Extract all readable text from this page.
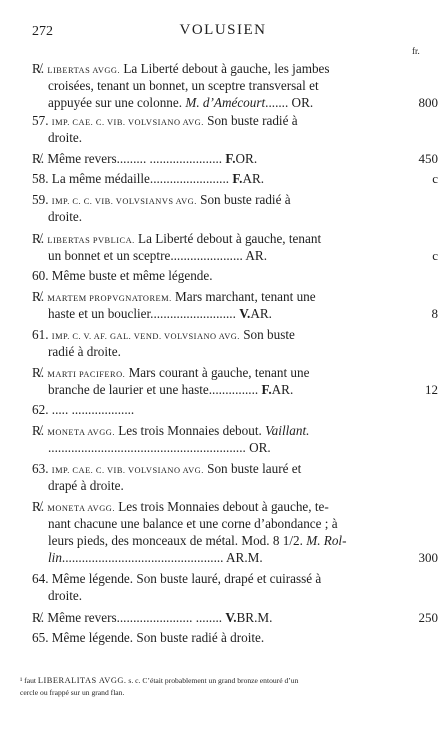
272	VOLUSIEN
fr.
R̸. LIBERTAS AVGG. La Liberté debout à gauche, les jambes
croisées, tenant un bonnet, un sceptre transversal et
appuyée sur une colonne. M. d’Amécourt....... OR.	800
57. IMP. CAE. C. VIB. VOLVSIANO AVG. Son buste radié à
droite.
R̸. Même revers......... ...................... F.OR.	450
58. La même médaille........................ F.AR.	c
59. IMP. C. C. VIB. VOLVSIANVS AVG. Son buste radié à
droite.
R̸. LIBERTAS PVBLICA. La Liberté debout à gauche, tenant
un bonnet et un sceptre...................... AR.	c
60. Même buste et même légende.
R̸. MARTEM PROPVGNATOREM. Mars marchant, tenant une
haste et un bouclier.......................... V.AR.	8
61. IMP. C. V. AF. GAL. VEND. VOLVSIANO AVG. Son buste
radié à droite.
R̸. MARTI PACIFERO. Mars courant à gauche, tenant une
branche de laurier et une haste............... F.AR.	12
62. ..... ...................
R̸. MONETA AVGG. Les trois Monnaies debout. Vaillant.
............................................................ OR.
63. IMP. CAE. C. VIB. VOLVSIANO AVG. Son buste lauré et
drapé à droite.
R̸. MONETA AVGG. Les trois Monnaies debout à gauche, te-
nant chacune une balance et une corne d’abondance ; à
leurs pieds, des monceaux de métal. Mod. 8 1/2. M. Rol-
lin................................................. AR.M.	300
64. Même légende. Son buste lauré, drapé et cuirassé à
droite.
R̸. Même revers....................... ........ V.BR.M.	250
65. Même légende. Son buste radié à droite.
¹ faut LIBERALITAS AVGG. s. c. C’était probablement un grand bronze entouré d’un
cercle ou frappé sur un grand flan.
